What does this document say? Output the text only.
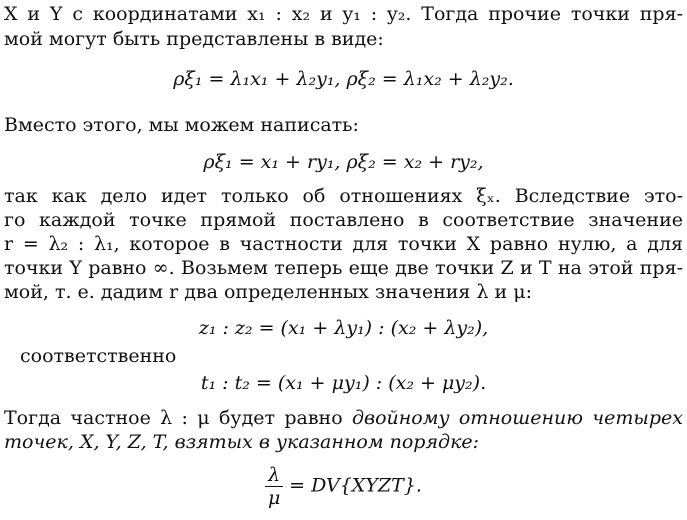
X и Y с координатами x₁ : x₂ и y₁ : y₂. Тогда прочие точки пря-
мой могут быть представлены в виде:
ρξ₁ = λ₁x₁ + λ₂y₁, ρξ₂ = λ₁x₂ + λ₂y₂.
Вместо этого, мы можем написать:
ρξ₁ = x₁ + ry₁, ρξ₂ = x₂ + ry₂,
так как дело идет только об отношениях ξₓ. Вследствие это-
го каждой точке прямой поставлено в соответствие значение
r = λ₂ : λ₁, которое в частности для точки X равно нулю, а для
точки Y равно ∞. Возьмем теперь еще две точки Z и T на этой пря-
мой, т. е. дадим r два определенных значения λ и μ:
z₁ : z₂ = (x₁ + λy₁) : (x₂ + λy₂),
соответственно
t₁ : t₂ = (x₁ + μy₁) : (x₂ + μy₂).
Тогда частное λ : μ будет равно двойному отношению четырех
точек, X, Y, Z, T, взятых в указанном порядке:
$\frac{\lambda}{\mu}$ = DV{XYZT}.
